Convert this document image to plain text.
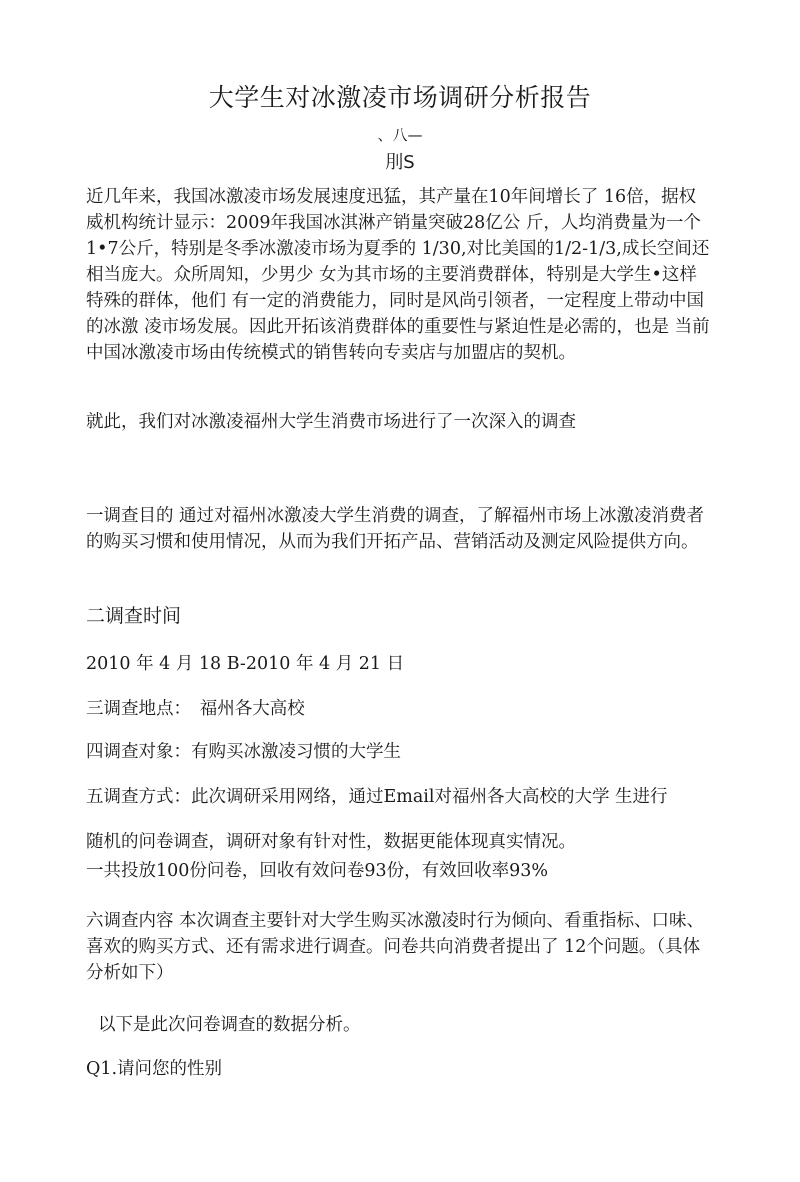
大学生对冰激凌市场调研分析报告
、八—
刖S

近几年来，我国冰激凌市场发展速度迅猛，其产量在10年间增长了 16倍，据权威机构统计显示：2009年我国冰淇淋产销量突破28亿公 斤，人均消费量为一个1•7公斤，特别是冬季冰激凌市场为夏季的 1/30,对比美国的1/2-1/3,成长空间还相当庞大。众所周知，少男少 女为其市场的主要消费群体，特别是大学生•这样特殊的群体，他们 有一定的消费能力，同时是风尚引领者，一定程度上带动中国的冰激 凌市场发展。因此开拓该消费群体的重要性与紧迫性是必需的，也是 当前中国冰激凌市场由传统模式的销售转向专卖店与加盟店的契机。

就此，我们对冰激凌福州大学生消费市场进行了一次深入的调查

一调查目的 通过对福州冰激凌大学生消费的调查，了解福州市场上冰激凌消费者 的购买习惯和使用情况，从而为我们开拓产品、营销活动及测定风险提供方向。

二调查时间

2010 年 4 月 18 B-2010 年 4 月 21 日

三调查地点：　福州各大高校

四调查对象：有购买冰激凌习惯的大学生

五调查方式：此次调研采用网络，通过Email对福州各大高校的大学 生进行

随机的问卷调查，调研对象有针对性，数据更能体现真实情况。

一共投放100份问卷，回收有效问卷93份，有效回收率93%

六调查内容 本次调查主要针对大学生购买冰激凌时行为倾向、看重指标、口味、 喜欢的购买方式、还有需求进行调查。问卷共向消费者提出了 12个问题。（具体分析如下）

以下是此次问卷调查的数据分析。

Q1.请问您的性别
